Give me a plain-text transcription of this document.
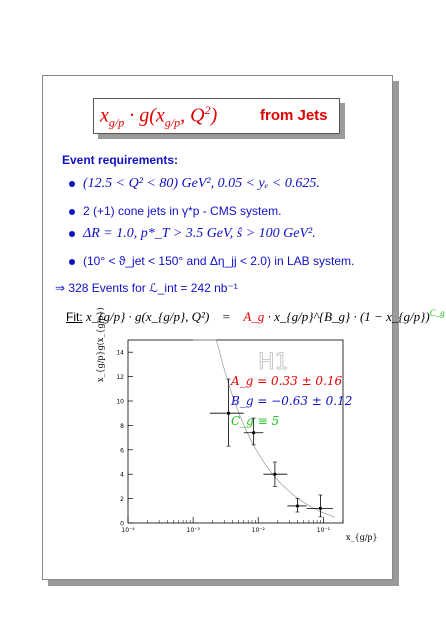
$x_{g/p} \cdot g(x_{g/p}$, $Q^2$)	from Jets
Event requirements:
(12.5 < Q² < 80) GeV², 0.05 < yₑ < 0.625.
2 (+1) cone jets in γ*p - CMS system.
ΔR = 1.0, p*_T > 3.5 GeV, ŝ > 100 GeV².
(10° < ϑ_jet < 150° and Δη_jj < 2.0) in LAB system.
⇒ 328 Events for ℒ_int = 242 nb⁻¹
Fit: x_{g/p} · g(x_{g/p}, Q²) = A_g · x_{g/p}^{B_g} · (1 − x_{g/p})$^{C\_g}$
H1
0
2
4
6
8
10
12
14
10⁻⁴	10⁻³	10⁻²	10⁻¹
A_g = 0.33 ± 0.16
B_g = −0.63 ± 0.12
C_g ≡ 5
x_{g/p}
x_{g/p}g(x_{g/p})
